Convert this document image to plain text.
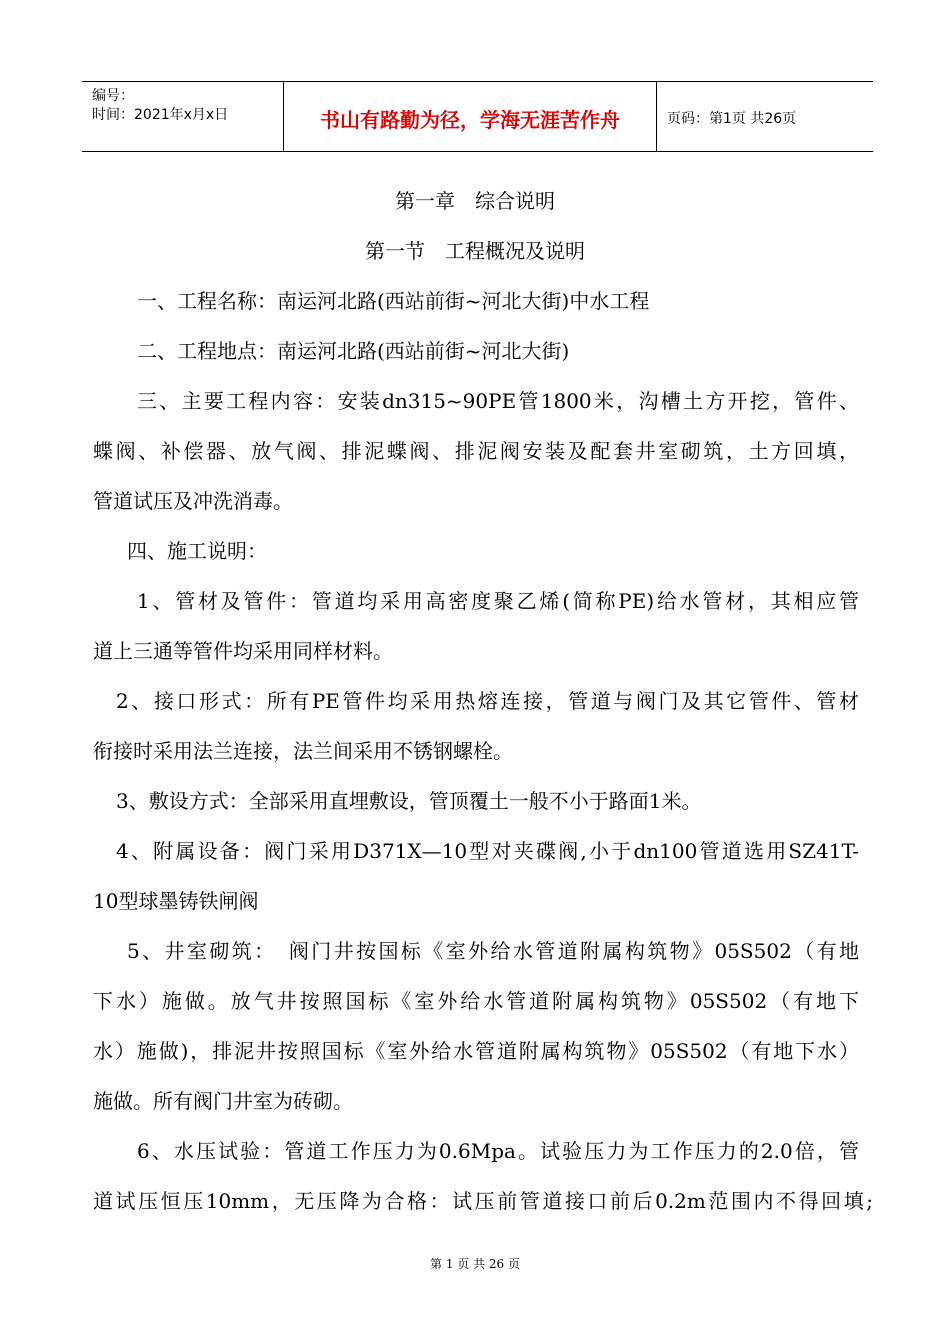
编号：
时间：2021年x月x日	书山有路勤为径，学海无涯苦作舟	页码：第1页 共26页
第一章　综合说明
第一节　工程概况及说明
一、工程名称：南运河北路(西站前街~河北大街)中水工程
二、工程地点：南运河北路(西站前街~河北大街)
三、主要工程内容：安装dn315~90PE管1800米，沟槽土方开挖，管件、
蝶阀、补偿器、放气阀、排泥蝶阀、排泥阀安装及配套井室砌筑，土方回填，
管道试压及冲洗消毒。
四、施工说明：
1、管材及管件：管道均采用高密度聚乙烯(简称PE)给水管材，其相应管
道上三通等管件均采用同样材料。
2、接口形式：所有PE管件均采用热熔连接，管道与阀门及其它管件、管材
衔接时采用法兰连接，法兰间采用不锈钢螺栓。
3、敷设方式：全部采用直埋敷设，管顶覆土一般不小于路面1米。
4、附属设备：阀门采用D371X—10型对夹碟阀,小于dn100管道选用SZ41T-
10型球墨铸铁闸阀
5、井室砌筑：　阀门井按国标《室外给水管道附属构筑物》05S502（有地
下水）施做。放气井按照国标《室外给水管道附属构筑物》05S502（有地下
水）施做)，排泥井按照国标《室外给水管道附属构筑物》05S502（有地下水）
施做。所有阀门井室为砖砌。
6、水压试验：管道工作压力为0.6Mpa。试验压力为工作压力的2.0倍，管
道试压恒压10mm，无压降为合格：试压前管道接口前后0.2m范围内不得回填;
第 1 页 共 26 页
